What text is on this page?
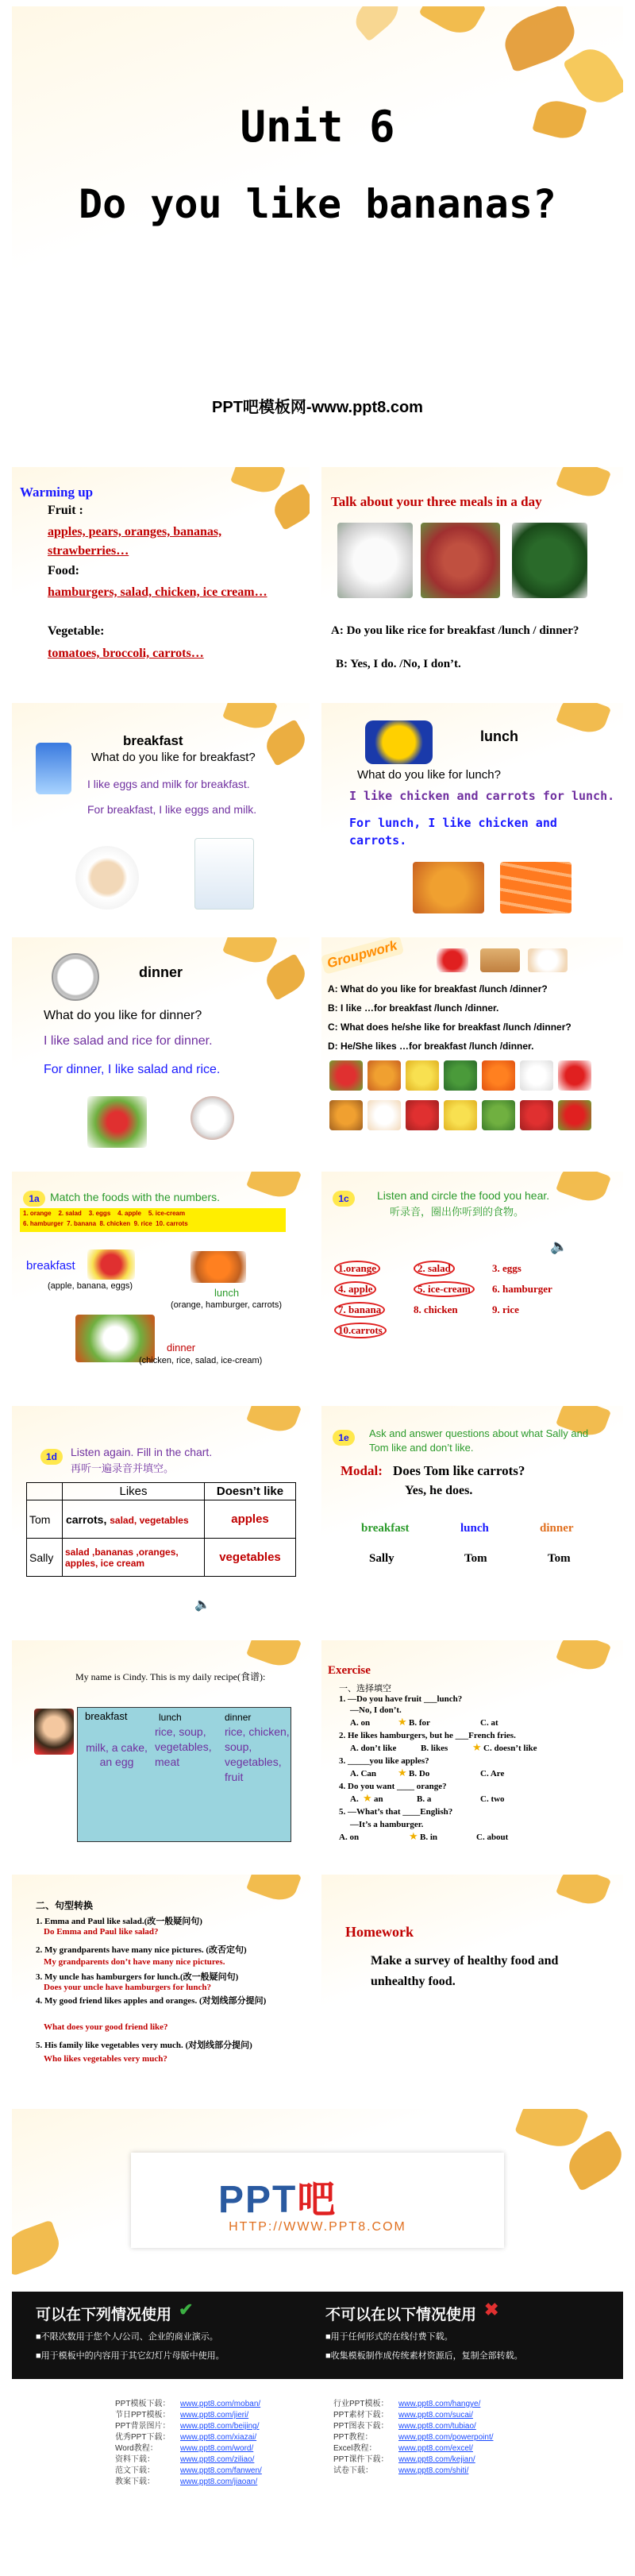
Unit 6
Do you like bananas?
PPT吧模板网-www.ppt8.com
Warming up
Fruit :
apples, pears, oranges, bananas, strawberries…
Food:
hamburgers, salad, chicken, ice cream…
Vegetable:
tomatoes, broccoli, carrots…
Talk about your three meals in a day
A: Do you like rice for breakfast /lunch / dinner?
B: Yes, I do. /No, I don’t.
breakfast
What do you like for breakfast?
I like eggs and milk for breakfast.
For breakfast, I like eggs and milk.
lunch
What do you like for lunch?
I like chicken and carrots for lunch.
For lunch, I like chicken and carrots.
dinner
What do you like for dinner?
I like salad and rice for dinner.
For dinner, I like salad and rice.
Groupwork
A: What do you like for breakfast /lunch /dinner?
B: I like …for breakfast /lunch /dinner.
C: What does he/she like for breakfast /lunch /dinner?
D: He/She likes …for breakfast /lunch /dinner.
1a Match the foods with the numbers.
1. orange    2. salad    3. eggs    4. apple    5. ice-cream
6. hamburger  7. banana  8. chicken  9. rice  10. carrots
breakfast
(apple, banana, eggs)
lunch
(orange, hamburger, carrots)
dinner
(chicken, rice, salad, ice-cream)
1c	Listen and circle the food you hear.
听录音，圈出你听到的食物。
🔈
1.orange	2. salad	3. eggs
4. apple	5. ice-cream	6. hamburger
7. banana	8. chicken	9. rice
10.carrots
1d	Listen again. Fill in the chart.
再听一遍录音并填空。
	Likes	Doesn’t like
Tom	carrots, salad, vegetables	apples
Sally	salad ,bananas ,oranges, apples, ice cream	vegetables
🔈
1e	Ask and answer questions about what Sally and Tom like and don’t like.
Modal: Does Tom like carrots?
Yes, he does.
breakfast	lunch	dinner
Sally	Tom	Tom
My name is Cindy. This is my daily recipe(食谱):
breakfast	lunch	dinner
milk, a cake, an egg
rice, soup, vegetables, meat
rice, chicken, soup, vegetables, fruit
Exercise
一、选择填空
1. —Do you have fruit ___lunch?
—No, I don’t.
A. on	★ B. for	C. at
2. He likes hamburgers, but he ___French fries.
A. don’t like	B. likes ★ C. doesn’t like
3. _____you like apples?
A. Can ★ B. Do	C. Are
4. Do you want ____ orange?
A. ★ an	B. a	C. two
5. —What’s that ____English?
—It’s a hamburger.
A. on	★ B. in	C. about
二、句型转换
1. Emma and Paul like salad.(改一般疑问句)
Do Emma and Paul like salad?
2. My grandparents have many nice pictures. (改否定句)
My grandparents don’t have many nice pictures.
3. My uncle has hamburgers for lunch.(改一般疑问句)
Does your uncle have hamburgers for lunch?
4. My good friend likes apples and oranges. (对划线部分提问)
What does your good friend like?
5. His family like vegetables very much. (对划线部分提问)
Who likes vegetables very much?
Homework
Make a survey of healthy food and unhealthy food.
PPT吧
HTTP://WWW.PPT8.COM
可以在下列情况使用 ✔
■不限次数用于您个人/公司、企业的商业演示。
■用于模板中的内容用于其它幻灯片母版中使用。
不可以在以下情况使用 ✖
■用于任何形式的在线付费下载。
■收集模板制作成传统素材资源后，复制全部转载。
PPT模板下载： www.ppt8.com/moban/
节日PPT模板： www.ppt8.com/jieri/
PPT背景图片： www.ppt8.com/beijing/
优秀PPT下载： www.ppt8.com/xiazai/
Word教程：	www.ppt8.com/word/
资料下载：	www.ppt8.com/ziliao/
范文下载：	www.ppt8.com/fanwen/
教案下载：	www.ppt8.com/jiaoan/
行业PPT模板： www.ppt8.com/hangye/
PPT素材下载： www.ppt8.com/sucai/
PPT图表下载： www.ppt8.com/tubiao/
PPT教程：	www.ppt8.com/powerpoint/
Excel教程：	www.ppt8.com/excel/
PPT课件下载： www.ppt8.com/kejian/
试卷下载：	www.ppt8.com/shiti/
